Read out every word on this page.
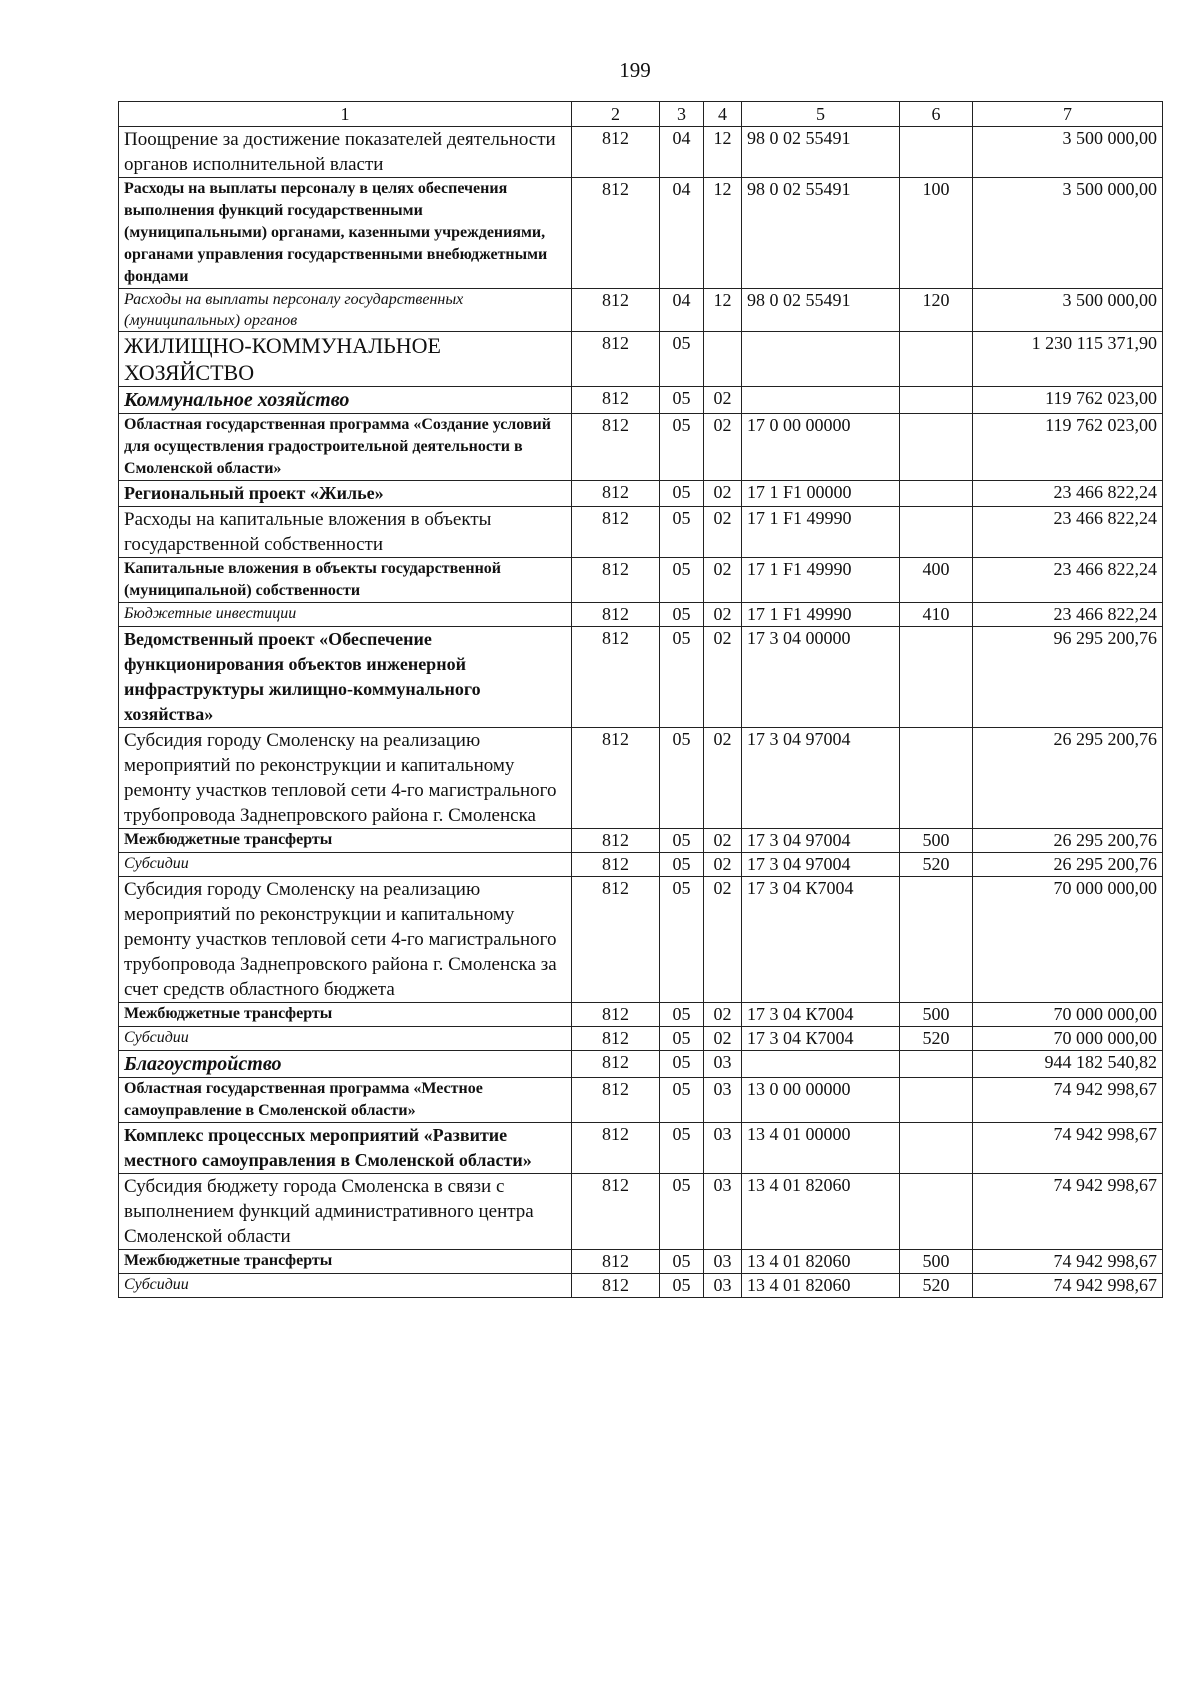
199
1	2	3	4	5	6	7
Поощрение за достижение показателей деятельности органов исполнительной власти	812	04	12	98 0 02 55491		3 500 000,00
Расходы на выплаты персоналу в целях обеспечения выполнения функций государственными (муниципальными) органами, казенными учреждениями, органами управления государственными внебюджетными фондами	812	04	12	98 0 02 55491	100	3 500 000,00
Расходы на выплаты персоналу государственных (муниципальных) органов	812	04	12	98 0 02 55491	120	3 500 000,00
ЖИЛИЩНО-КОММУНАЛЬНОЕ ХОЗЯЙСТВО	812	05				1 230 115 371,90
Коммунальное хозяйство	812	05	02			119 762 023,00
Областная государственная программа «Создание условий для осуществления градостроительной деятельности в Смоленской области»	812	05	02	17 0 00 00000		119 762 023,00
Региональный проект «Жилье»	812	05	02	17 1 F1 00000		23 466 822,24
Расходы на капитальные вложения в объекты государственной собственности	812	05	02	17 1 F1 49990		23 466 822,24
Капитальные вложения в объекты государственной (муниципальной) собственности	812	05	02	17 1 F1 49990	400	23 466 822,24
Бюджетные инвестиции	812	05	02	17 1 F1 49990	410	23 466 822,24
Ведомственный проект «Обеспечение функционирования объектов инженерной инфраструктуры жилищно-коммунального хозяйства»	812	05	02	17 3 04 00000		96 295 200,76
Субсидия городу Смоленску на реализацию мероприятий по реконструкции и капитальному ремонту участков тепловой сети 4-го магистрального трубопровода Заднепровского района г. Смоленска	812	05	02	17 3 04 97004		26 295 200,76
Межбюджетные трансферты	812	05	02	17 3 04 97004	500	26 295 200,76
Субсидии	812	05	02	17 3 04 97004	520	26 295 200,76
Субсидия городу Смоленску на реализацию мероприятий по реконструкции и капитальному ремонту участков тепловой сети 4-го магистрального трубопровода Заднепровского района г. Смоленска за счет средств областного бюджета	812	05	02	17 3 04 К7004		70 000 000,00
Межбюджетные трансферты	812	05	02	17 3 04 К7004	500	70 000 000,00
Субсидии	812	05	02	17 3 04 К7004	520	70 000 000,00
Благоустройство	812	05	03			944 182 540,82
Областная государственная программа «Местное самоуправление в Смоленской области»	812	05	03	13 0 00 00000		74 942 998,67
Комплекс процессных мероприятий «Развитие местного самоуправления в Смоленской области»	812	05	03	13 4 01 00000		74 942 998,67
Субсидия бюджету города Смоленска в связи с выполнением функций административного центра Смоленской области	812	05	03	13 4 01 82060		74 942 998,67
Межбюджетные трансферты	812	05	03	13 4 01 82060	500	74 942 998,67
Субсидии	812	05	03	13 4 01 82060	520	74 942 998,67
